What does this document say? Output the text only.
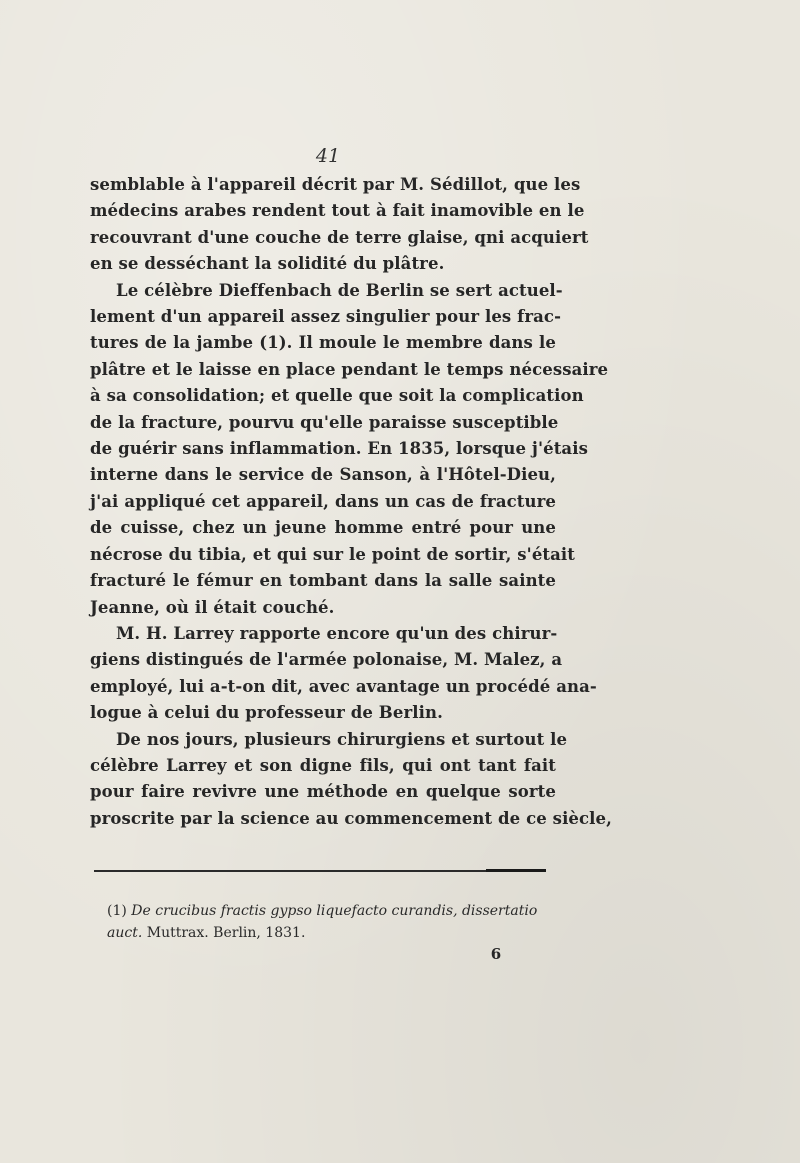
41
semblable à l'appareil décrit par M. Sédillot, que les
médecins arabes rendent tout à fait inamovible en le
recouvrant d'une couche de terre glaise, qni acquiert
en se desséchant la solidité du plâtre.
Le célèbre Dieffenbach de Berlin se sert actuel-
lement d'un appareil assez singulier pour les frac-
tures de la jambe (1). Il moule le membre dans le
plâtre et le laisse en place pendant le temps nécessaire
à sa consolidation; et quelle que soit la complication
de la fracture, pourvu qu'elle paraisse susceptible
de guérir sans inflammation. En 1835, lorsque j'étais
interne dans le service de Sanson, à l'Hôtel-Dieu,
j'ai appliqué cet appareil, dans un cas de fracture
de cuisse, chez un jeune homme entré pour une
nécrose du tibia, et qui sur le point de sortir, s'était
fracturé le fémur en tombant dans la salle sainte
Jeanne, où il était couché.
M. H. Larrey rapporte encore qu'un des chirur-
giens distingués de l'armée polonaise, M. Malez, a
employé, lui a-t-on dit, avec avantage un procédé ana-
logue à celui du professeur de Berlin.
De nos jours, plusieurs chirurgiens et surtout le
célèbre Larrey et son digne fils, qui ont tant fait
pour faire revivre une méthode en quelque sorte
proscrite par la science au commencement de ce siècle,
(1) De crucibus fractis gypso liquefacto curandis, dissertatio
auct. Muttrax. Berlin, 1831.
6
